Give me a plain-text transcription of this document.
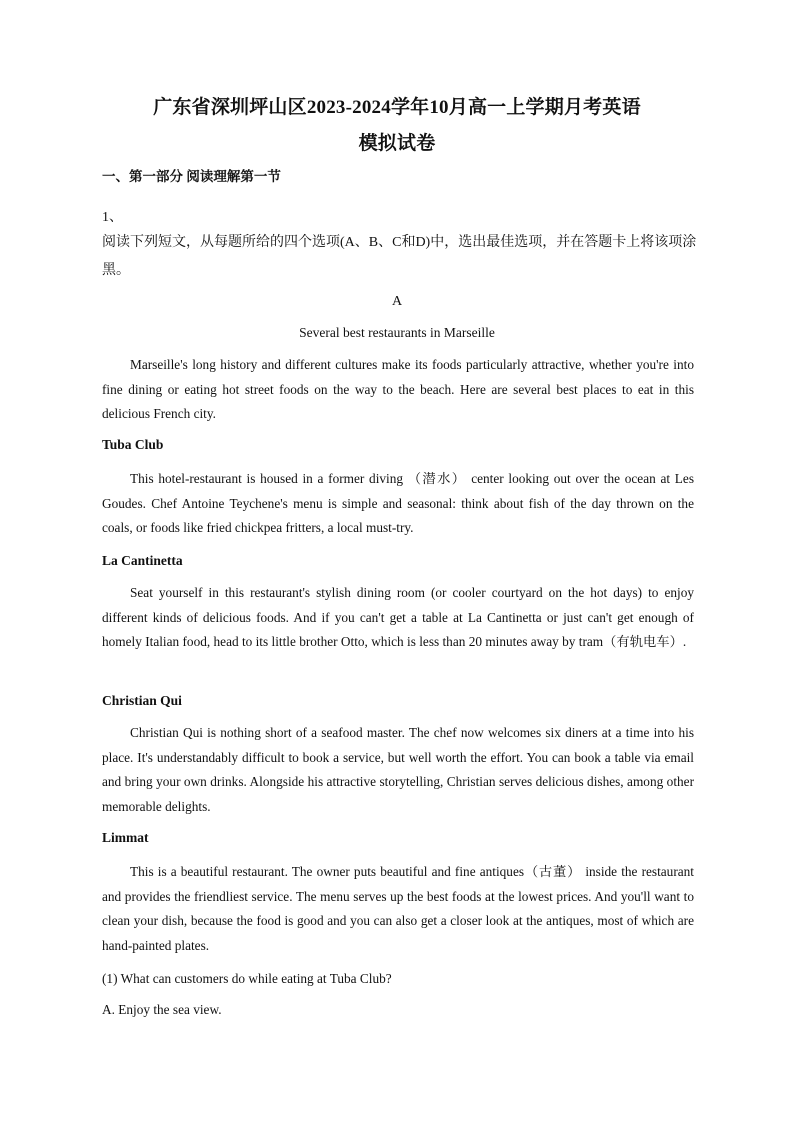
广东省深圳坪山区2023-2024学年10月高一上学期月考英语
模拟试卷
一、第一部分 阅读理解第一节
1、
阅读下列短文，从每题所给的四个选项(A、B、C和D)中，选出最佳选项，并在答题卡上将该项涂黑。
A
Several best restaurants in Marseille
Marseille's long history and different cultures make its foods particularly attractive, whether you're into fine dining or eating hot street foods on the way to the beach. Here are several best places to eat in this delicious French city.
Tuba Club
This hotel-restaurant is housed in a former diving （潜水） center looking out over the ocean at Les Goudes. Chef Antoine Teychene's menu is simple and seasonal: think about fish of the day thrown on the coals, or foods like fried chickpea fritters, a local must-try.
La Cantinetta
Seat yourself in this restaurant's stylish dining room (or cooler courtyard on the hot days) to enjoy different kinds of delicious foods. And if you can't get a table at La Cantinetta or just can't get enough of homely Italian food, head to its little brother Otto, which is less than 20 minutes away by tram（有轨电车）.
Christian Qui
Christian Qui is nothing short of a seafood master. The chef now welcomes six diners at a time into his place. It's understandably difficult to book a service, but well worth the effort. You can book a table via email and bring your own drinks. Alongside his attractive storytelling, Christian serves delicious dishes, among other memorable delights.
Limmat
This is a beautiful restaurant. The owner puts beautiful and fine antiques（古董） inside the restaurant and provides the friendliest service. The menu serves up the best foods at the lowest prices. And you'll want to clean your dish, because the food is good and you can also get a closer look at the antiques, most of which are hand-painted plates.
(1) What can customers do while eating at Tuba Club?
A. Enjoy the sea view.
